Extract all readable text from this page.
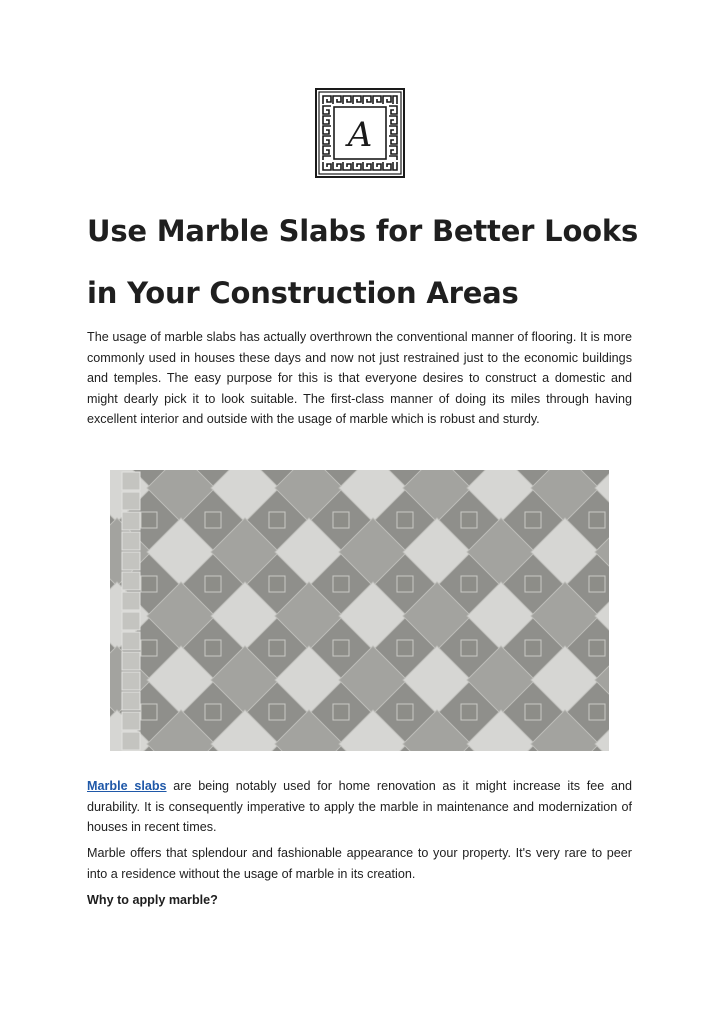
A
Use Marble Slabs for Better Looks in Your Construction Areas

The usage of marble slabs has actually overthrown the conventional manner of flooring. It is more commonly used in houses these days and now not just restrained just to the economic buildings and temples. The easy purpose for this is that everyone desires to construct a domestic and might dearly pick it to look suitable. The first-class manner of doing its miles through having excellent interior and outside with the usage of marble which is robust and sturdy.

Marble slabs are being notably used for home renovation as it might increase its fee and durability. It is consequently imperative to apply the marble in maintenance and modernization of houses in recent times.

Marble offers that splendour and fashionable appearance to your property. It's very rare to peer into a residence without the usage of marble in its creation.

Why to apply marble?
